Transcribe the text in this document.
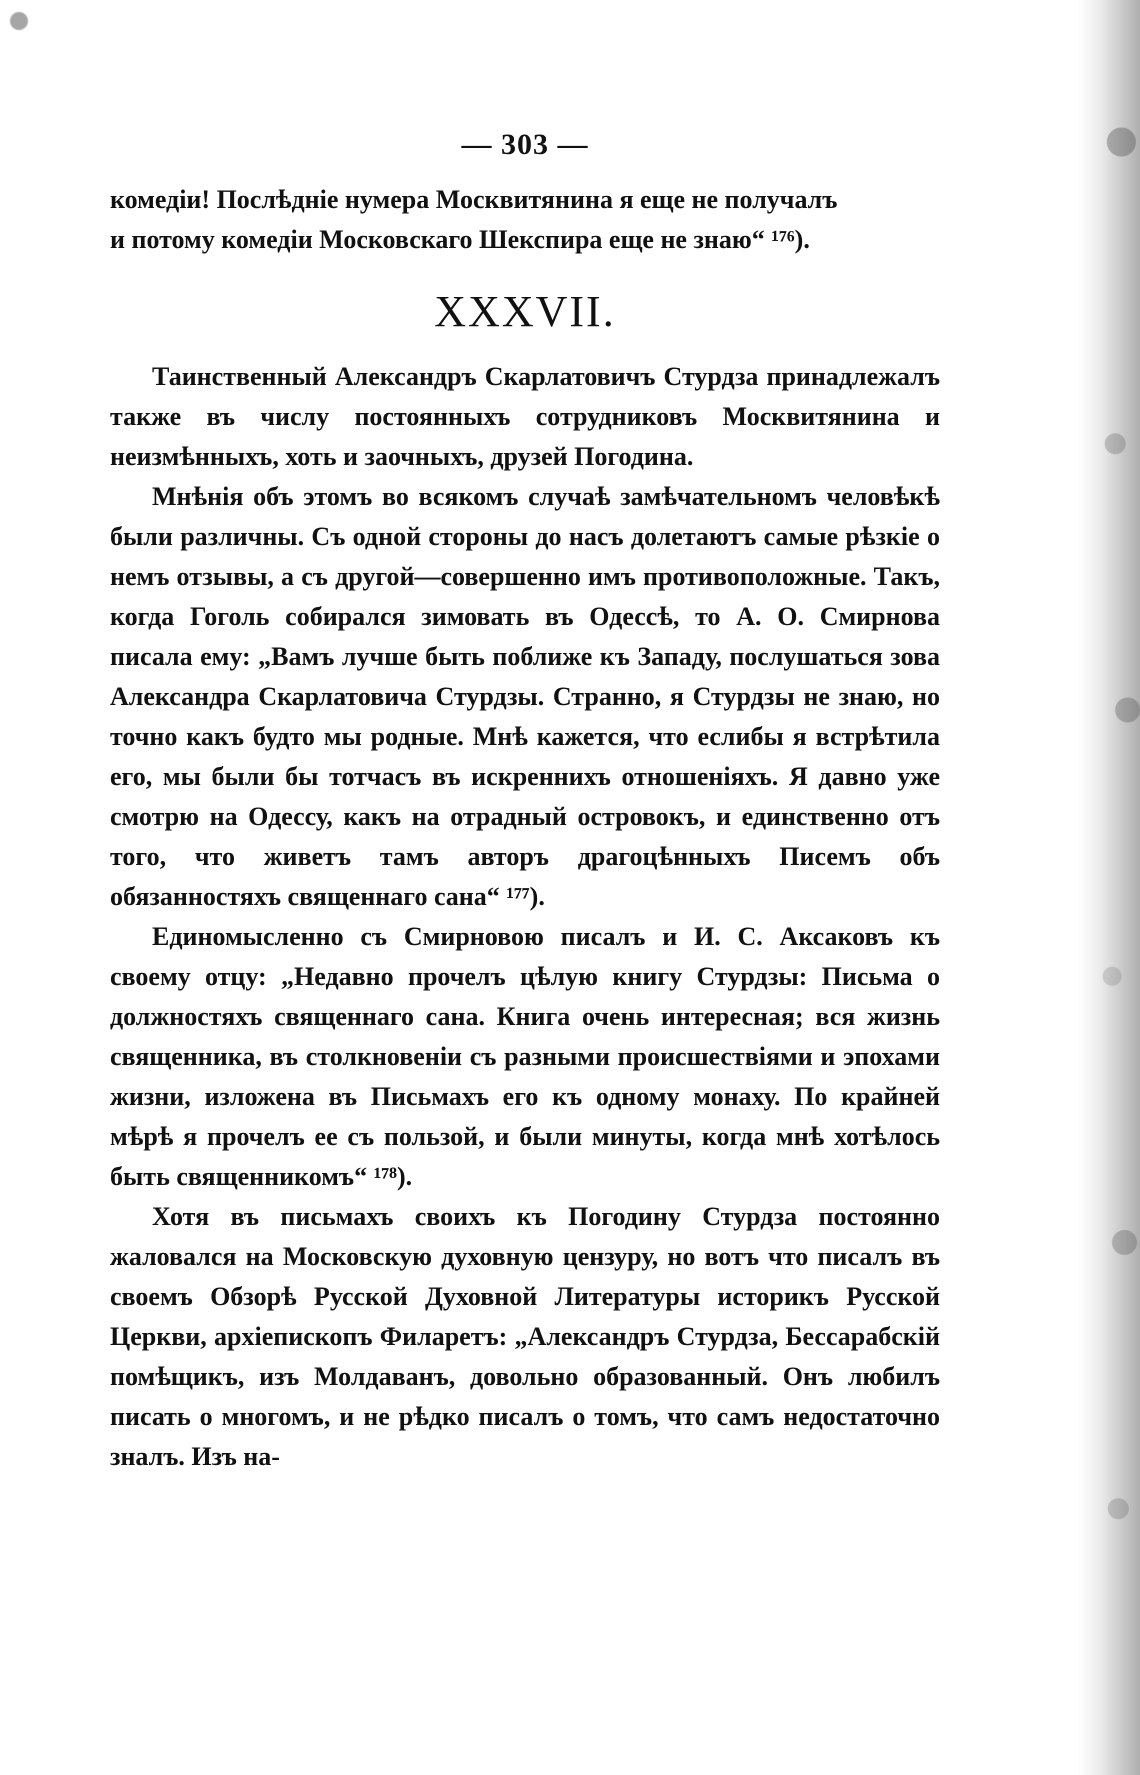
— 303 —

комедіи! Послѣдніе нумера Москвитянина я еще не получалъ

и потому комедіи Московскаго Шекспира еще не знаю“ ¹⁷⁶).

XXXVII.

Таинственный Александръ Скарлатовичъ Стурдза принадлежалъ также въ числу постоянныхъ сотрудниковъ Москвитянина и неизмѣнныхъ, хоть и заочныхъ, друзей Погодина.

Мнѣнія объ этомъ во всякомъ случаѣ замѣчательномъ человѣкѣ были различны. Съ одной стороны до насъ долетаютъ самые рѣзкіе о немъ отзывы, а съ другой—совершенно имъ противоположные. Такъ, когда Гоголь собирался зимовать въ Одессѣ, то А. О. Смирнова писала ему: „Вамъ лучше быть поближе къ Западу, послушаться зова Александра Скарлатовича Стурдзы. Странно, я Стурдзы не знаю, но точно какъ будто мы родные. Мнѣ кажется, что еслибы я встрѣтила его, мы были бы тотчасъ въ искреннихъ отношеніяхъ. Я давно уже смотрю на Одессу, какъ на отрадный островокъ, и единственно отъ того, что живетъ тамъ авторъ драгоцѣнныхъ Писемъ объ обязанностяхъ священнаго сана“ ¹⁷⁷).

Единомысленно съ Смирновою писалъ и И. С. Аксаковъ къ своему отцу: „Недавно прочелъ цѣлую книгу Стурдзы: Письма о должностяхъ священнаго сана. Книга очень интересная; вся жизнь священника, въ столкновеніи съ разными происшествіями и эпохами жизни, изложена въ Письмахъ его къ одному монаху. По крайней мѣрѣ я прочелъ ее съ пользой, и были минуты, когда мнѣ хотѣлось быть священникомъ“ ¹⁷⁸).

Хотя въ письмахъ своихъ къ Погодину Стурдза постоянно жаловался на Московскую духовную цензуру, но вотъ что писалъ въ своемъ Обзорѣ Русской Духовной Литературы историкъ Русской Церкви, архіепископъ Филаретъ: „Александръ Стурдза, Бессарабскій помѣщикъ, изъ Молдаванъ, довольно образованный. Онъ любилъ писать о многомъ, и не рѣдко писалъ о томъ, что самъ недостаточно зналъ. Изъ на-
